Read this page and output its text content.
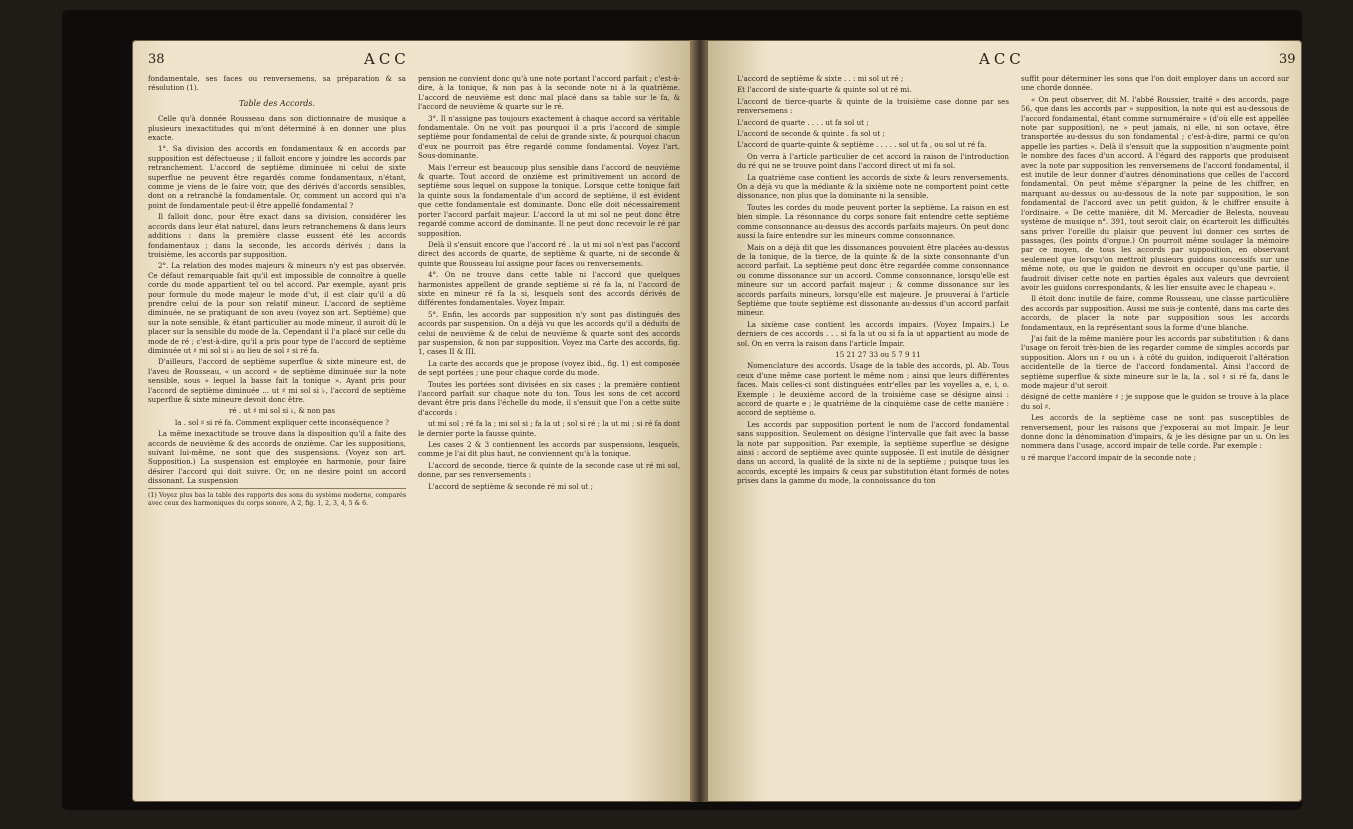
38	ACC

fondamentale, ses faces ou renversemens, sa préparation & sa résolution (1).

Table des Accords.

Celle qu'à donnée Rousseau dans son dictionnaire de musique a plusieurs inexactitudes qui m'ont déterminé à en donner une plus exacte.

1°. Sa division des accords en fondamentaux & en accords par supposition est défectueuse ; il falloit encore y joindre les accords par retranchement. L'accord de septième diminuée ni celui de sixte superflue ne peuvent être regardés comme fondamentaux, n'étant, comme je viens de le faire voir, que des dérivés d'accords sensibles, dont on a retranché la fondamentale. Or, comment un accord qui n'a point de fondamentale peut-il être appellé fondamental ?

Il falloit donc, pour être exact dans sa division, considérer les accords dans leur état naturel, dans leurs retranchemens & dans leurs additions : dans la première classe eussent été les accords fondamentaux ; dans la seconde, les accords dérivés ; dans la troisième, les accords par supposition.

2°. La relation des modes majeurs & mineurs n'y est pas observée. Ce défaut remarquable fait qu'il est impossible de connoître à quelle corde du mode appartient tel ou tel accord. Par exemple, ayant pris pour formule du mode majeur le mode d'ut, il est clair qu'il a dû prendre celui de la pour son relatif mineur. L'accord de septième diminuée, ne se pratiquant de son aveu (voyez son art. Septième) que sur la note sensible, & étant particulier au mode mineur, il auroit dû le placer sur la sensible du mode de la. Cependant il l'a placé sur celle du mode de ré ; c'est-à-dire, qu'il a pris pour type de l'accord de septième diminuée ut ♯ mi sol si ♭ au lieu de sol ♯ si ré fa.

D'ailleurs, l'accord de septième superflue & sixte mineure est, de l'aveu de Rousseau, « un accord » de septième diminuée sur la note sensible, sous » lequel la basse fait la tonique ». Ayant pris pour l'accord de septième diminuée ... ut ♯ mi sol si ♭, l'accord de septième superflue & sixte mineure devoit donc être.

ré . ut ♯ mi sol si ♭, & non pas

la . sol ♯ si ré fa. Comment expliquer cette inconséquence ?

La même inexactitude se trouve dans la disposition qu'il a faite des accords de neuvième & des accords de onzième. Car les suppositions, suivant lui-même, ne sont que des suspensions. (Voyez son art. Supposition.) La suspension est employée en harmonie, pour faire désirer l'accord qui doit suivre. Or, on ne desire point un accord dissonant. La suspension

(1) Voyez plus bas la table des rapports des sons du système moderne, comparés avec ceux des harmoniques du corps sonore, A 2, fig. 1, 2, 3, 4, 5 & 6.

pension ne convient donc qu'à une note portant l'accord parfait ; c'est-à-dire, à la tonique, & non pas à la seconde note ni à la quatrième. L'accord de neuvième est donc mal placé dans sa table sur le fa, & l'accord de neuvième & quarte sur le ré.

3°. Il n'assigne pas toujours exactement à chaque accord sa véritable fondamentale. On ne voit pas pourquoi il a pris l'accord de simple septième pour fondamental de celui de grande sixte, & pourquoi chacun d'eux ne pourroit pas être regardé comme fondamental. Voyez l'art. Sous-dominante.

Mais l'erreur est beaucoup plus sensible dans l'accord de neuvième & quarte. Tout accord de onzième est primitivement un accord de septième sous lequel on suppose la tonique. Lorsque cette tonique fait la quinte sous la fondamentale d'un accord de septième, il est évident que cette fondamentale est dominante. Donc elle doit nécessairement porter l'accord parfait majeur. L'accord la ut mi sol ne peut donc être regardé comme accord de dominante. Il ne peut donc recevoir le ré par supposition.

Delà il s'ensuit encore que l'accord ré . la ut mi sol n'est pas l'accord direct des accords de quarte, de septième & quarte, ni de seconde & quinte que Rousseau lui assigne pour faces ou renversements.

4°. On ne trouve dans cette table ni l'accord que quelques harmonistes appellent de grande septième si ré fa la, ni l'accord de sixte en mineur ré fa la si, lesquels sont des accords dérivés de différentes fondamentales. Voyez Impair.

5°. Enfin, les accords par supposition n'y sont pas distingués des accords par suspension. On a déjà vu que les accords qu'il a déduits de celui de neuvième & de celui de neuvième & quarte sont des accords par suspension, & non par supposition. Voyez ma Carte des accords, fig. 1, cases II & III.

La carte des accords que je propose (voyez ibid., fig. 1) est composée de sept portées ; une pour chaque corde du mode.

Toutes les portées sont divisées en six cases ; la première contient l'accord parfait sur chaque note du ton. Tous les sons de cet accord devant être pris dans l'échelle du mode, il s'ensuit que l'on a cette suite d'accords :

ut mi sol ; ré fa la ; mi sol si ; fa la ut ; sol si ré ; la ut mi ; si ré fa dont le dernier porte la fausse quinte.

Les cases 2 & 3 contiennent les accords par suspensions, lesquels, comme je l'ai dit plus haut, ne conviennent qu'à la tonique.

L'accord de seconde, tierce & quinte de la seconde case ut ré mi sol, donne, par ses renversements :

L'accord de septième & seconde ré mi sol ut ;

ACC	39

L'accord de septième & sixte . . : mi sol ut ré ;

Et l'accord de sixte-quarte & quinte sol ut ré mi.

L'accord de tierce-quarte & quinte de la troisième case donne par ses renversemens :

L'accord de quarte . . . . ut fa sol ut ;

L'accord de seconde & quinte . fa sol ut ;

L'accord de quarte-quinte & septième . . . . . sol ut fa , ou sol ut ré fa.

On verra à l'article particulier de cet accord la raison de l'introduction du ré qui ne se trouve point dans l'accord direct ut mi fa sol.

La quatrième case contient les accords de sixte & leurs renversements. On a déjà vu que la médiante & la sixième note ne comportent point cette dissonance, non plus que la dominante ni la sensible.

Toutes les cordes du mode peuvent porter la septième. La raison en est bien simple. La résonnance du corps sonore fait entendre cette septième comme consonnance au-dessus des accords parfaits majeurs. On peut donc aussi la faire entendre sur les mineurs comme consonnance.

Mais on a déjà dit que les dissonances pouvoient être placées au-dessus de la tonique, de la tierce, de la quinte & de la sixte consonnante d'un accord parfait. La septième peut donc être regardée comme consonnance ou comme dissonance sur un accord. Comme consonnance, lorsqu'elle est mineure sur un accord parfait majeur ; & comme dissonance sur les accords parfaits mineurs, lorsqu'elle est majeure. Je prouverai à l'article Septième que toute septième est dissonante au-dessus d'un accord parfait mineur.

La sixième case contient les accords impairs. (Voyez Impairs.) Le derniers de ces accords . . . si fa la ut ou si fa la ut appartient au mode de sol. On en verra la raison dans l'article Impair.

15 21 27 33 ou 5 7 9 11

Nomenclature des accords. Usage de la table des accords, pl. Ab. Tous ceux d'une même case portent le même nom ; ainsi que leurs différentes faces. Mais celles-ci sont distinguées entr'elles par les voyelles a, e, i, o. Exemple : le deuxième accord de la troisième case se désigne ainsi : accord de quarte e ; le quatrième de la cinquième case de cette manière : accord de septième o.

Les accords par supposition portent le nom de l'accord fondamental sans supposition. Seulement on désigne l'intervalle que fait avec la basse la note par supposition. Par exemple, la septième superflue se désigne ainsi : accord de septième avec quinte supposée. Il est inutile de désigner dans un accord, la qualité de la sixte ni de la septième ; puisque tous les accords, excepté les impairs & ceux par substitution étant formés de notes prises dans la gamme du mode, la connoissance du ton

suffit pour déterminer les sons que l'on doit employer dans un accord sur une chorde donnée.

« On peut observer, dit M. l'abbé Roussier, traité » des accords, page 56, que dans les accords par » supposition, la note qui est au-dessous de l'accord fondamental, étant comme surnuméraire » (d'où elle est appellée note par supposition), ne » peut jamais, ni elle, ni son octave, être transportée au-dessus du son fondamental ; c'est-à-dire, parmi ce qu'on appelle les parties ». Delà il s'ensuit que la supposition n'augmente point le nombre des faces d'un accord. A l'égard des rapports que produisent avec la note par supposition les renversemens de l'accord fondamental, il est inutile de leur donner d'autres dénominations que celles de l'accord fondamental. On peut même s'épargner la peine de les chiffrer, en marquant au-dessus ou au-dessous de la note par supposition, le son fondamental de l'accord avec un petit guidon, & le chiffrer ensuite à l'ordinaire. « De cette manière, dit M. Mercadier de Belesta, nouveau système de musique n°. 391, tout seroit clair, on écarteroit les difficultés sans priver l'oreille du plaisir que peuvent lui donner ces sortes de passages, (les points d'orgue.) On pourroit même soulager la mémoire par ce moyen, de tous les accords par supposition, en observant seulement que lorsqu'on mettroit plusieurs guidons successifs sur une même note, ou que le guidon ne devroit en occuper qu'une partie, il faudroit diviser cette note en parties égales aux valeurs que devroient avoir les guidons correspondants, & les lier ensuite avec le chapeau ».

Il étoit donc inutile de faire, comme Rousseau, une classe particulière des accords par supposition. Aussi me suis-je contenté, dans ma carte des accords, de placer la note par supposition sous les accords fondamentaux, en la représentant sous la forme d'une blanche.

J'ai fait de la même manière pour les accords par substitution : & dans l'usage on feroit très-bien de les regarder comme de simples accords par supposition. Alors un ♯ ou un ♭ à côté du guidon, indiqueroit l'altération accidentelle de la tierce de l'accord fondamental. Ainsi l'accord de septième superflue & sixte mineure sur le la, la . sol ♯ si ré fa, dans le mode majeur d'ut seroit

désigné de cette manière ♯ ; je suppose que le guidon se trouve à la place du sol ♯.

Les accords de la septième case ne sont pas susceptibles de renversement, pour les raisons que j'exposerai au mot Impair. Je leur donne donc la dénomination d'impairs, & je les désigne par un u. On les nommera dans l'usage, accord impair de telle corde. Par exemple :

u ré marque l'accord impair de la seconde note ;
